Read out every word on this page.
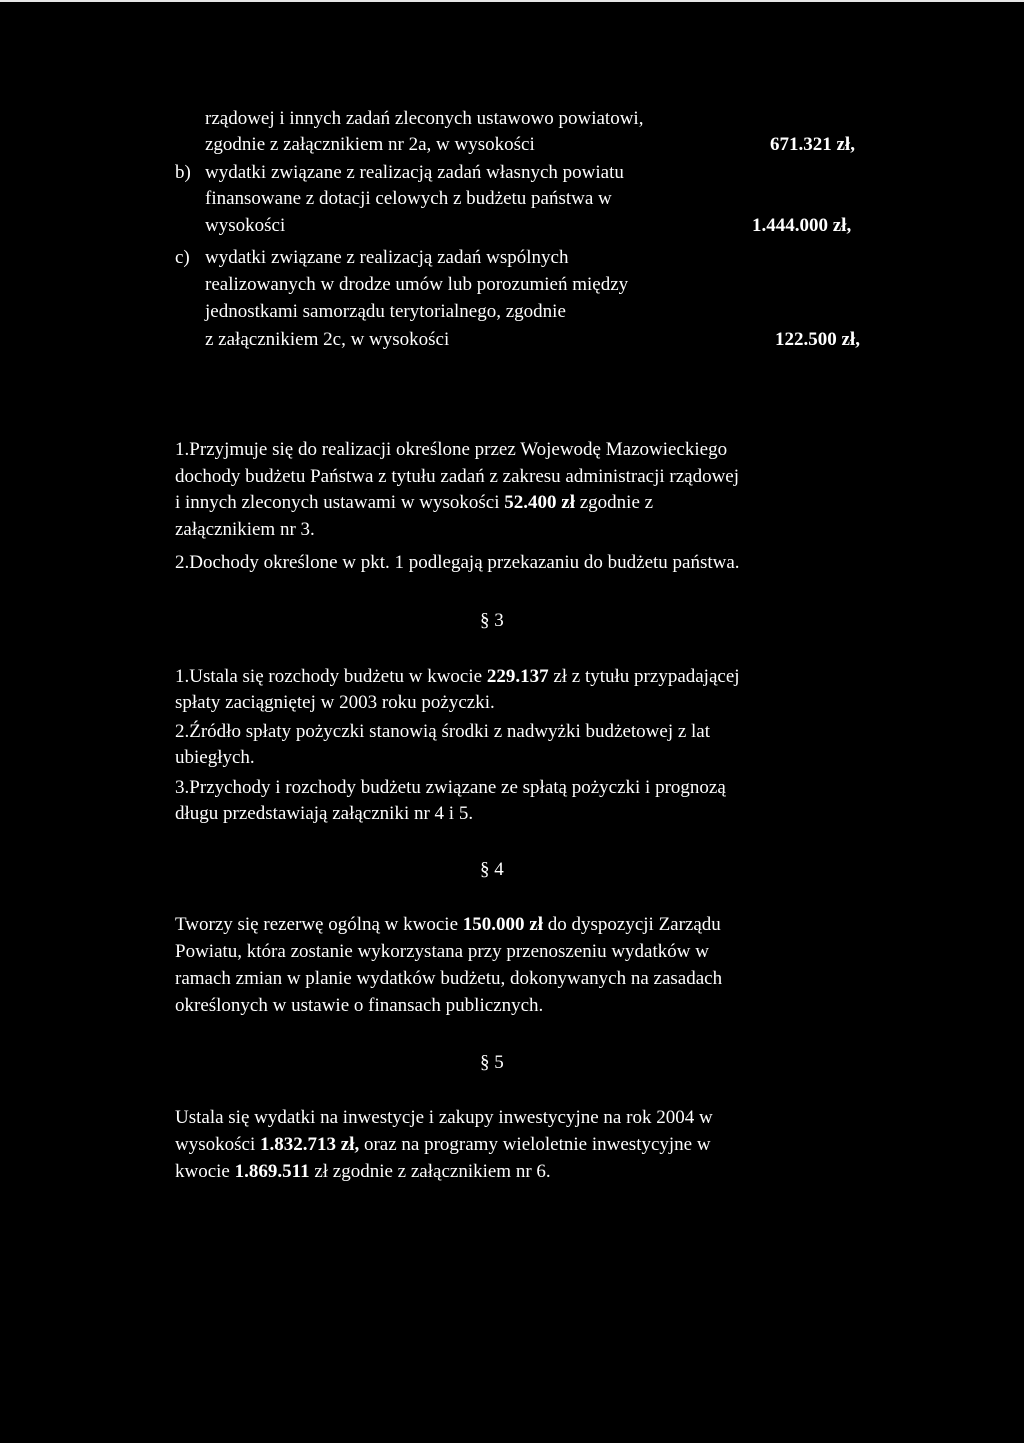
rządowej i innych zadań zleconych ustawowo powiatowi,
zgodnie z załącznikiem nr 2a, w wysokości	671.321 zł,
b) wydatki związane z realizacją zadań własnych powiatu
finansowane z dotacji celowych z budżetu państwa w
wysokości	1.444.000 zł,
c) wydatki związane z realizacją zadań wspólnych
realizowanych w drodze umów lub porozumień między
jednostkami samorządu terytorialnego, zgodnie
z załącznikiem 2c, w wysokości	122.500 zł,
1.Przyjmuje się do realizacji określone przez Wojewodę Mazowieckiego
dochody budżetu Państwa z tytułu zadań z zakresu administracji rządowej
i innych zleconych ustawami w wysokości 52.400 zł zgodnie z
załącznikiem nr 3.
2.Dochody określone w pkt. 1 podlegają przekazaniu do budżetu państwa.
§ 3
1.Ustala się rozchody budżetu w kwocie 229.137 zł z tytułu przypadającej
spłaty zaciągniętej w 2003 roku pożyczki.
2.Źródło spłaty pożyczki stanowią środki z nadwyżki budżetowej z lat
ubiegłych.
3.Przychody i rozchody budżetu związane ze spłatą pożyczki i prognozą
długu przedstawiają załączniki nr 4 i 5.
§ 4
Tworzy się rezerwę ogólną w kwocie 150.000 zł do dyspozycji Zarządu
Powiatu, która zostanie wykorzystana przy przenoszeniu wydatków w
ramach zmian w planie wydatków budżetu, dokonywanych na zasadach
określonych w ustawie o finansach publicznych.
§ 5
Ustala się wydatki na inwestycje i zakupy inwestycyjne na rok 2004 w
wysokości 1.832.713 zł, oraz na programy wieloletnie inwestycyjne w
kwocie 1.869.511 zł zgodnie z załącznikiem nr 6.
